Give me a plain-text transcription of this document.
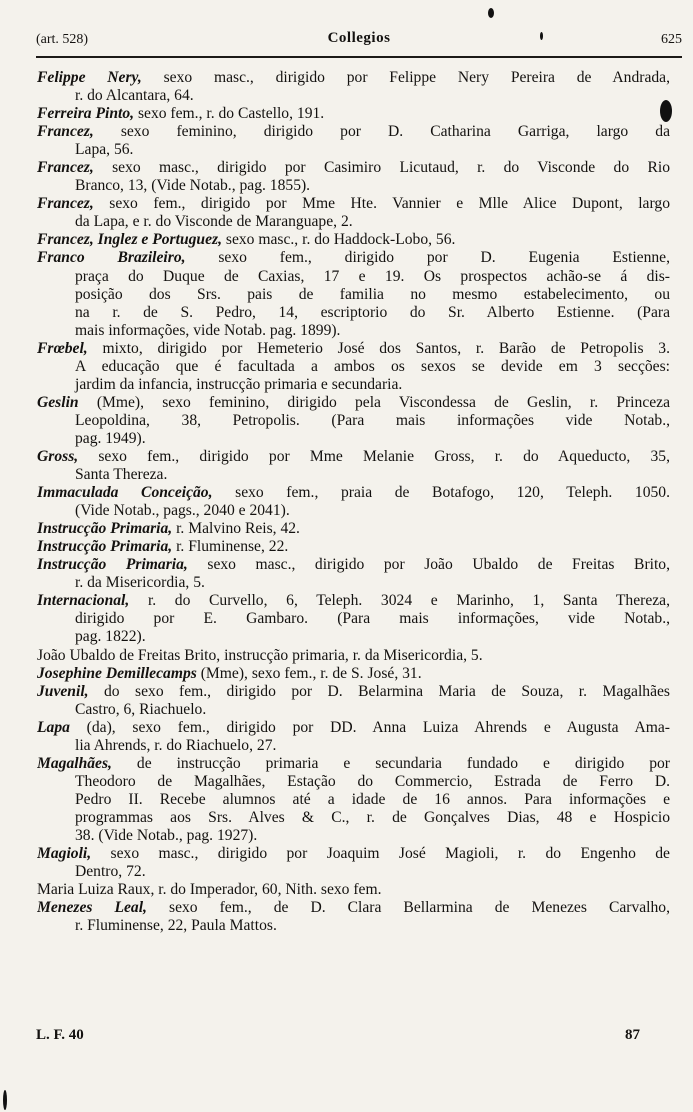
(art. 528)	Collegios	625
Felippe Nery, sexo masc., dirigido por Felippe Nery Pereira de Andrada,
r. do Alcantara, 64.
Ferreira Pinto, sexo fem., r. do Castello, 191.
Francez, sexo feminino, dirigido por D. Catharina Garriga, largo da
Lapa, 56.
Francez, sexo masc., dirigido por Casimiro Licutaud, r. do Visconde do Rio
Branco, 13, (Vide Notab., pag. 1855).
Francez, sexo fem., dirigido por Mme Hte. Vannier e Mlle Alice Dupont, largo
da Lapa, e r. do Visconde de Maranguape, 2.
Francez, Inglez e Portuguez, sexo masc., r. do Haddock-Lobo, 56.
Franco Brazileiro, sexo fem., dirigido por D. Eugenia Estienne,
praça do Duque de Caxias, 17 e 19. Os prospectos achão-se á dis-
posição dos Srs. pais de familia no mesmo estabelecimento, ou
na r. de S. Pedro, 14, escriptorio do Sr. Alberto Estienne. (Para
mais informações, vide Notab. pag. 1899).
Frœbel, mixto, dirigido por Hemeterio José dos Santos, r. Barão de Petropolis 3.
A educação que é facultada a ambos os sexos se devide em 3 secções:
jardim da infancia, instrucção primaria e secundaria.
Geslin (Mme), sexo feminino, dirigido pela Viscondessa de Geslin, r. Princeza
Leopoldina, 38, Petropolis. (Para mais informações vide Notab.,
pag. 1949).
Gross, sexo fem., dirigido por Mme Melanie Gross, r. do Aqueducto, 35,
Santa Thereza.
Immaculada Conceição, sexo fem., praia de Botafogo, 120, Teleph. 1050.
(Vide Notab., pags., 2040 e 2041).
Instrucção Primaria, r. Malvino Reis, 42.
Instrucção Primaria, r. Fluminense, 22.
Instrucção Primaria, sexo masc., dirigido por João Ubaldo de Freitas Brito,
r. da Misericordia, 5.
Internacional, r. do Curvello, 6, Teleph. 3024 e Marinho, 1, Santa Thereza,
dirigido por E. Gambaro. (Para mais informações, vide Notab.,
pag. 1822).
João Ubaldo de Freitas Brito, instrucção primaria, r. da Misericordia, 5.
Josephine Demillecamps (Mme), sexo fem., r. de S. José, 31.
Juvenil, do sexo fem., dirigido por D. Belarmina Maria de Souza, r. Magalhães
Castro, 6, Riachuelo.
Lapa (da), sexo fem., dirigido por DD. Anna Luiza Ahrends e Augusta Ama-
lia Ahrends, r. do Riachuelo, 27.
Magalhães, de instrucção primaria e secundaria fundado e dirigido por
Theodoro de Magalhães, Estação do Commercio, Estrada de Ferro D.
Pedro II. Recebe alumnos até a idade de 16 annos. Para informações e
programmas aos Srs. Alves & C., r. de Gonçalves Dias, 48 e Hospicio
38. (Vide Notab., pag. 1927).
Magioli, sexo masc., dirigido por Joaquim José Magioli, r. do Engenho de
Dentro, 72.
Maria Luiza Raux, r. do Imperador, 60, Nith. sexo fem.
Menezes Leal, sexo fem., de D. Clara Bellarmina de Menezes Carvalho,
r. Fluminense, 22, Paula Mattos.
L. F. 40	87
